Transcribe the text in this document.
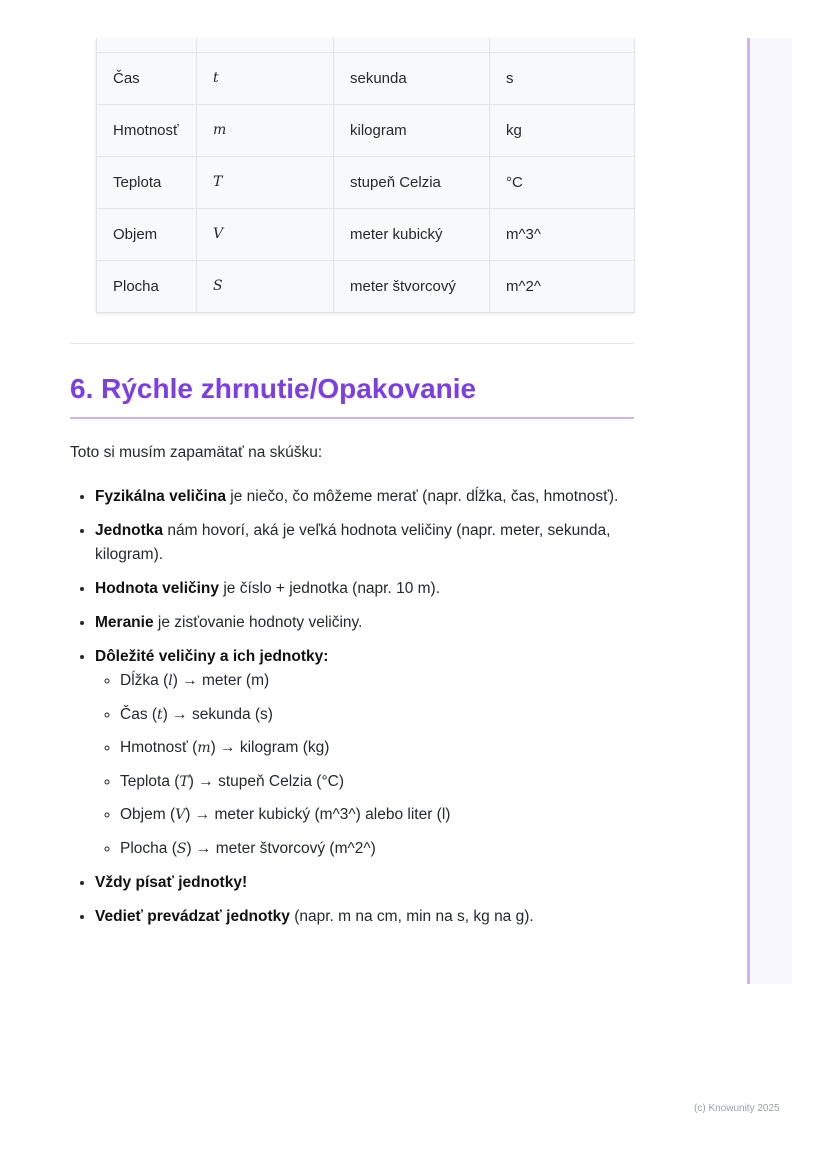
Čas	t	sekunda	s
Hmotnosť	m	kilogram	kg
Teplota	T	stupeň Celzia	°C
Objem	V	meter kubický	m^3^
Plocha	S	meter štvorcový	m^2^
6. Rýchle zhrnutie/Opakovanie

Toto si musím zapamätať na skúšku:

• Fyzikálna veličina je niečo, čo môžeme merať (napr. dĺžka, čas, hmotnosť).
• Jednotka nám hovorí, aká je veľká hodnota veličiny (napr. meter, sekunda, kilogram).
• Hodnota veličiny je číslo + jednotka (napr. 10 m).
• Meranie je zisťovanie hodnoty veličiny.
• Dôležité veličiny a ich jednotky:
◦ Dĺžka (l) → meter (m)
◦ Čas (t) → sekunda (s)
◦ Hmotnosť (m) → kilogram (kg)
◦ Teplota (T) → stupeň Celzia (°C)
◦ Objem (V) → meter kubický (m^3^) alebo liter (l)
◦ Plocha (S) → meter štvorcový (m^2^)
• Vždy písať jednotky!
• Vedieť prevádzať jednotky (napr. m na cm, min na s, kg na g).
(c) Knowunity 2025
